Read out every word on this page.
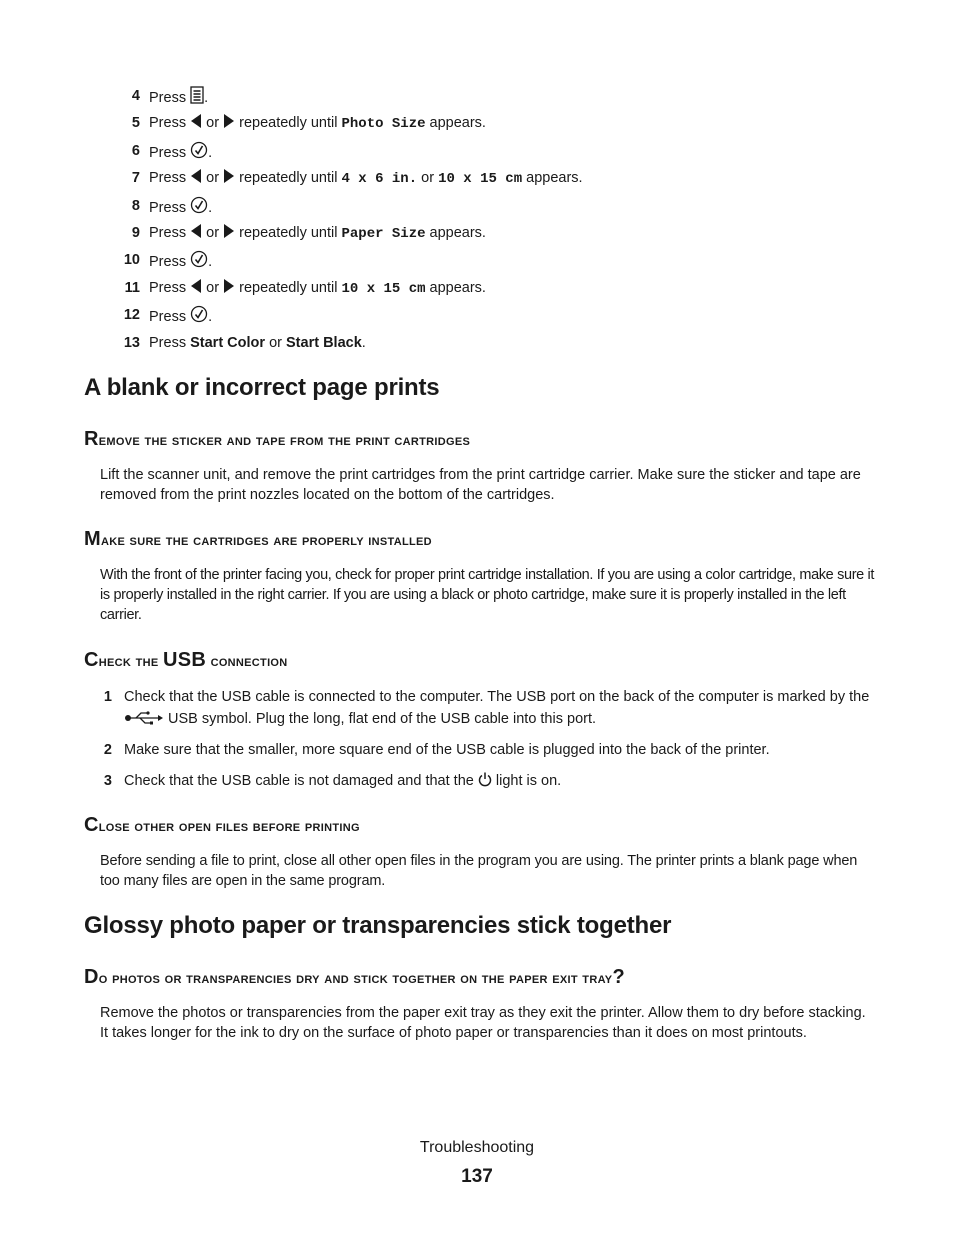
4 Press .
5 Press or repeatedly until Photo Size appears.
6 Press .
7 Press or repeatedly until 4 x 6 in. or 10 x 15 cm appears.
8 Press .
9 Press or repeatedly until Paper Size appears.
10 Press .
11 Press or repeatedly until 10 x 15 cm appears.
12 Press .
13 Press Start Color or Start Black.
A blank or incorrect page prints
Remove the sticker and tape from the print cartridges

Lift the scanner unit, and remove the print cartridges from the print cartridge carrier. Make sure the sticker and tape are removed from the print nozzles located on the bottom of the cartridges.

Make sure the cartridges are properly installed

With the front of the printer facing you, check for proper print cartridge installation. If you are using a color cartridge, make sure it is properly installed in the right carrier. If you are using a black or photo cartridge, make sure it is properly installed in the left carrier.

Check the USB connection
1 Check that the USB cable is connected to the computer. The USB port on the back of the computer is marked by the  USB symbol. Plug the long, flat end of the USB cable into this port.
2 Make sure that the smaller, more square end of the USB cable is plugged into the back of the printer.
3 Check that the USB cable is not damaged and that the light is on.
Close other open files before printing

Before sending a file to print, close all other open files in the program you are using. The printer prints a blank page when too many files are open in the same program.

Glossy photo paper or transparencies stick together
Do photos or transparencies dry and stick together on the paper exit tray?

Remove the photos or transparencies from the paper exit tray as they exit the printer. Allow them to dry before stacking. It takes longer for the ink to dry on the surface of photo paper or transparencies than it does on most printouts.

Troubleshooting
137
